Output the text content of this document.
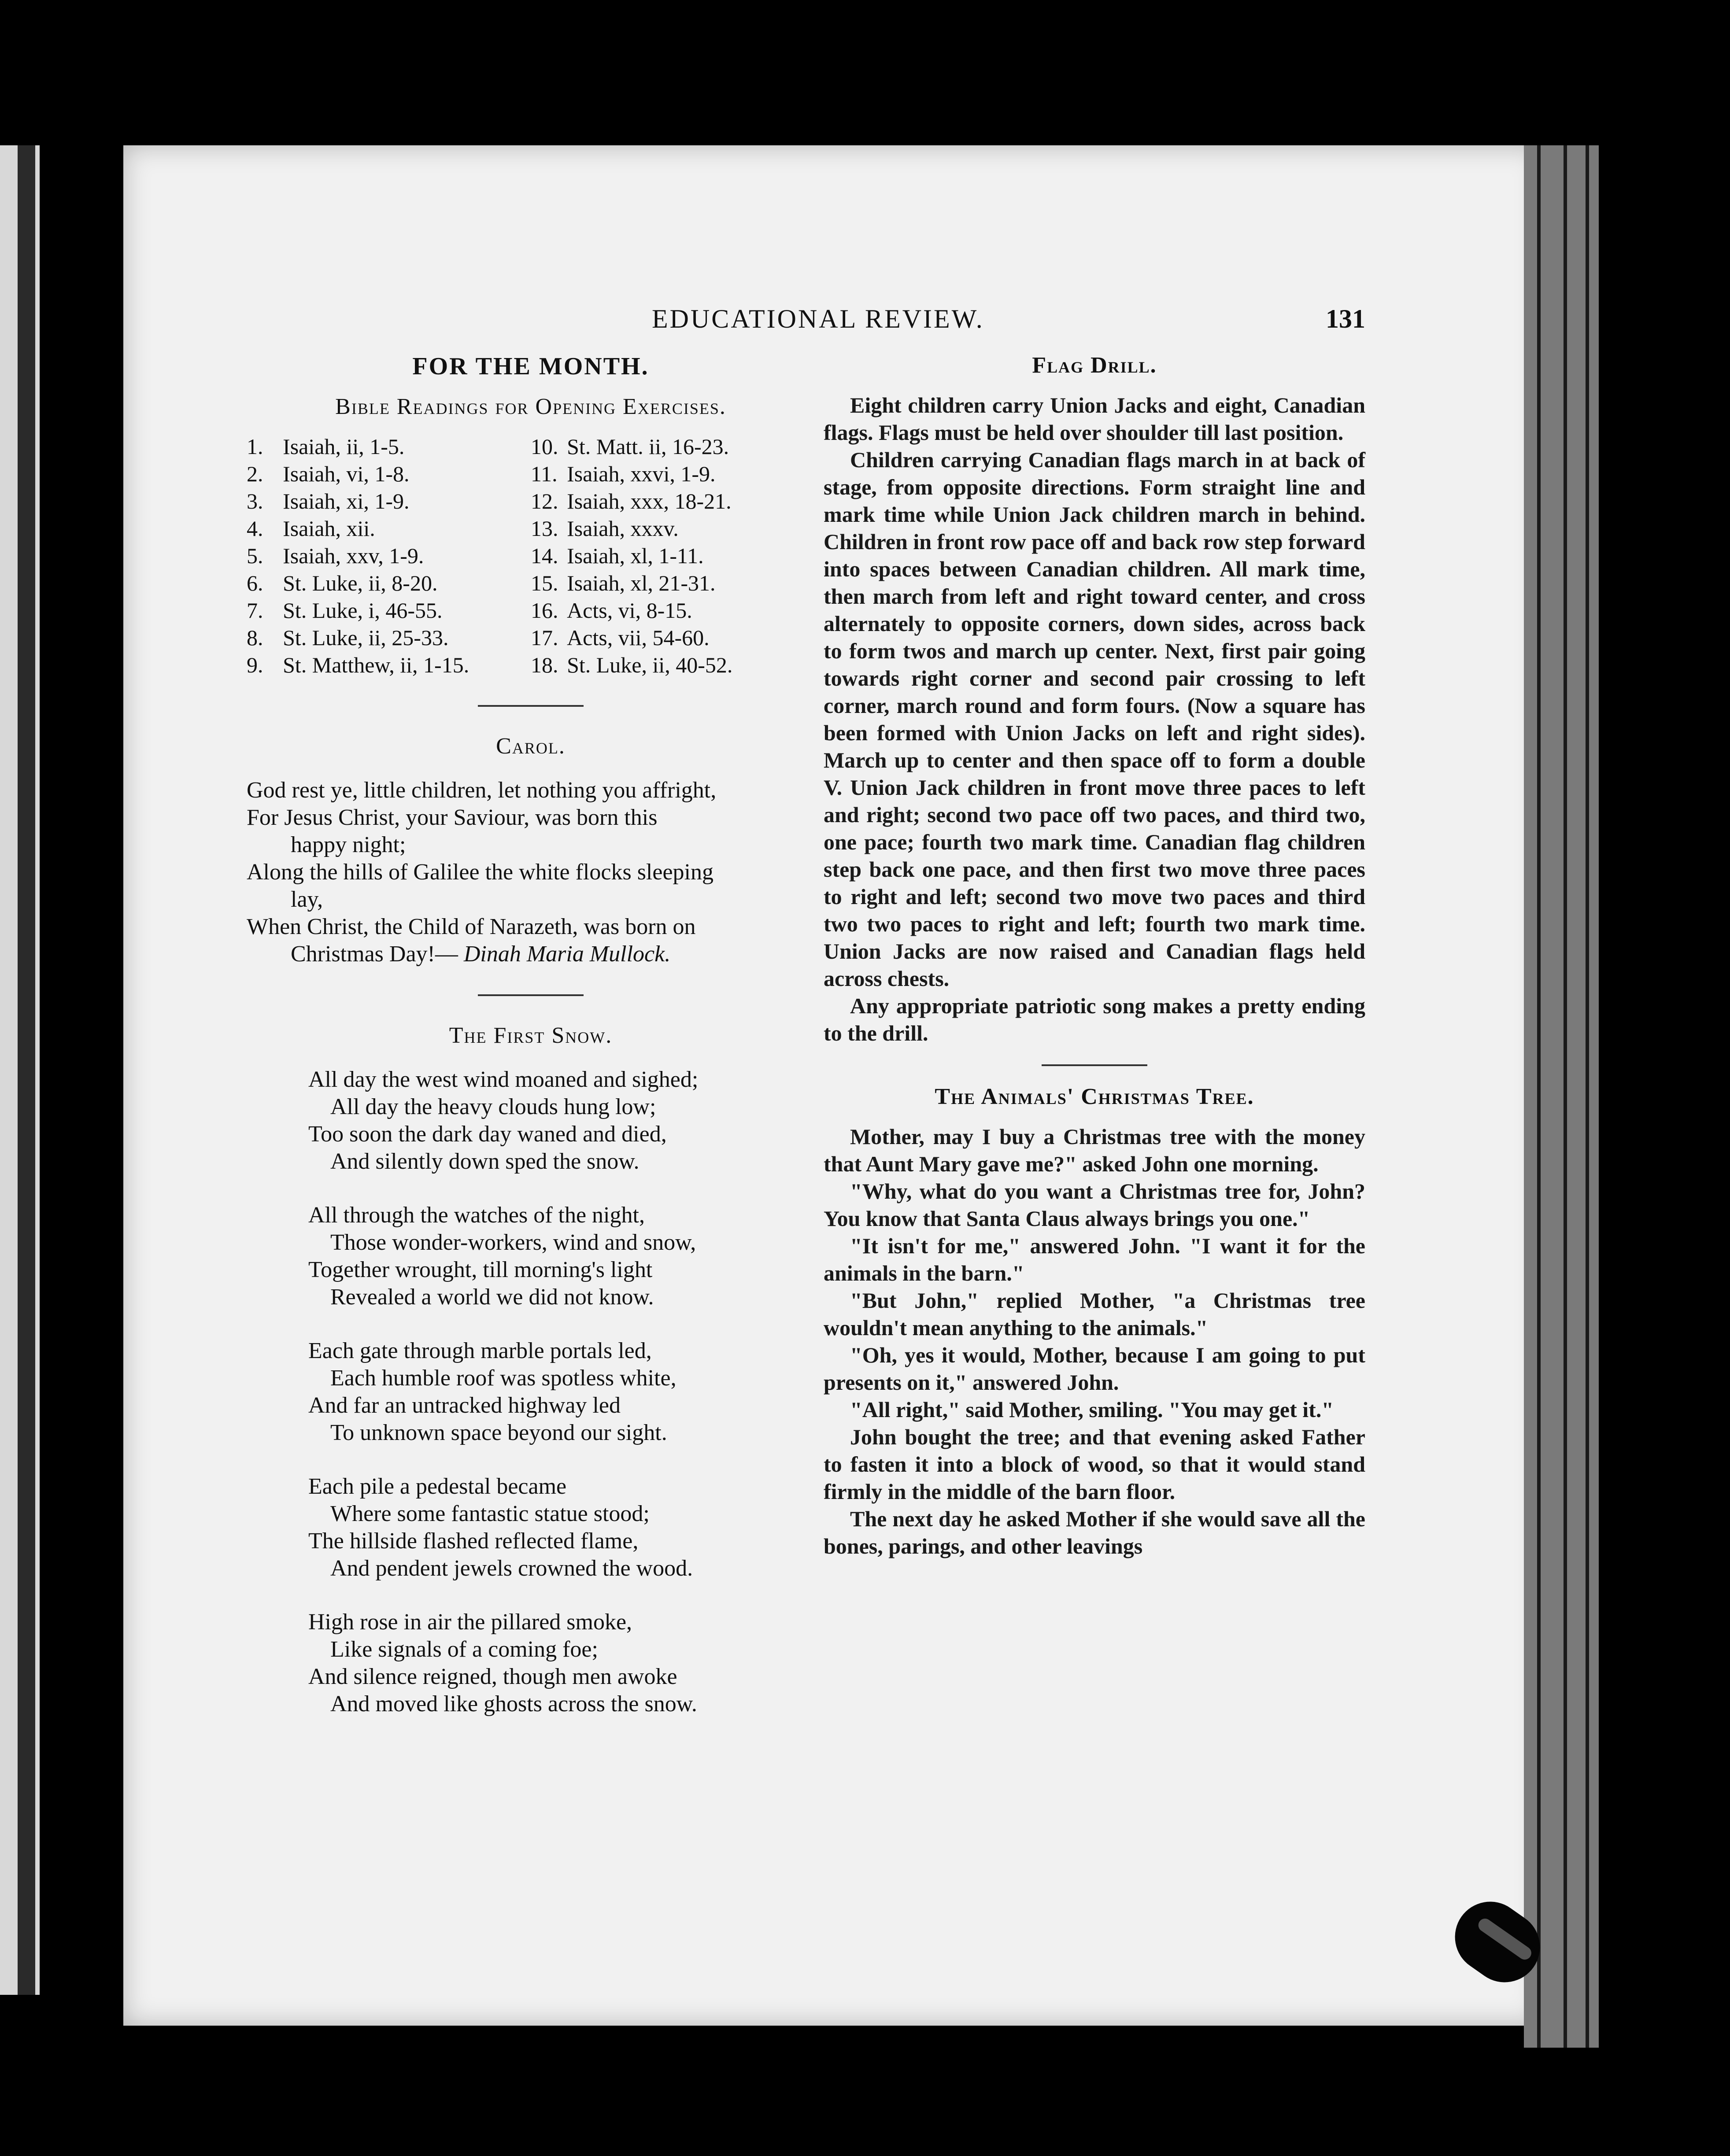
EDUCATIONAL REVIEW.	131
FOR THE MONTH.
Bible Readings for Opening Exercises.
1.	Isaiah, ii, 1-5.	10.	St. Matt. ii, 16-23.
2.	Isaiah, vi, 1-8.	11.	Isaiah, xxvi, 1-9.
3.	Isaiah, xi, 1-9.	12.	Isaiah, xxx, 18-21.
4.	Isaiah, xii.	13.	Isaiah, xxxv.
5.	Isaiah, xxv, 1-9.	14.	Isaiah, xl, 1-11.
6.	St. Luke, ii, 8-20.	15.	Isaiah, xl, 21-31.
7.	St. Luke, i, 46-55.	16.	Acts, vi, 8-15.
8.	St. Luke, ii, 25-33.	17.	Acts, vii, 54-60.
9.	St. Matthew, ii, 1-15.	18.	St. Luke, ii, 40-52.
Carol.
God rest ye, little children, let nothing you affright,
For Jesus Christ, your Saviour, was born this
happy night;
Along the hills of Galilee the white flocks sleeping
lay,
When Christ, the Child of Narazeth, was born on
Christmas Day!— Dinah Maria Mullock.
The First Snow.
All day the west wind moaned and sighed;
All day the heavy clouds hung low;
Too soon the dark day waned and died,
And silently down sped the snow.
All through the watches of the night,
Those wonder-workers, wind and snow,
Together wrought, till morning's light
Revealed a world we did not know.
Each gate through marble portals led,
Each humble roof was spotless white,
And far an untracked highway led
To unknown space beyond our sight.
Each pile a pedestal became
Where some fantastic statue stood;
The hillside flashed reflected flame,
And pendent jewels crowned the wood.
High rose in air the pillared smoke,
Like signals of a coming foe;
And silence reigned, though men awoke
And moved like ghosts across the snow.
Flag Drill.

Eight children carry Union Jacks and eight, Canadian flags. Flags must be held over shoulder till last position.

Children carrying Canadian flags march in at back of stage, from opposite directions. Form straight line and mark time while Union Jack children march in behind. Children in front row pace off and back row step forward into spaces between Canadian children. All mark time, then march from left and right toward center, and cross alternately to opposite corners, down sides, across back to form twos and march up center. Next, first pair going towards right corner and second pair crossing to left corner, march round and form fours. (Now a square has been formed with Union Jacks on left and right sides). March up to center and then space off to form a double V. Union Jack children in front move three paces to left and right; second two pace off two paces, and third two, one pace; fourth two mark time. Canadian flag children step back one pace, and then first two move three paces to right and left; second two move two paces and third two two paces to right and left; fourth two mark time. Union Jacks are now raised and Canadian flags held across chests.

Any appropriate patriotic song makes a pretty ending to the drill.

The Animals' Christmas Tree.

Mother, may I buy a Christmas tree with the money that Aunt Mary gave me?" asked John one morning.

"Why, what do you want a Christmas tree for, John? You know that Santa Claus always brings you one."

"It isn't for me," answered John. "I want it for the animals in the barn."

"But John," replied Mother, "a Christmas tree wouldn't mean anything to the animals."

"Oh, yes it would, Mother, because I am going to put presents on it," answered John.

"All right," said Mother, smiling. "You may get it."

John bought the tree; and that evening asked Father to fasten it into a block of wood, so that it would stand firmly in the middle of the barn floor.

The next day he asked Mother if she would save all the bones, parings, and other leavings
